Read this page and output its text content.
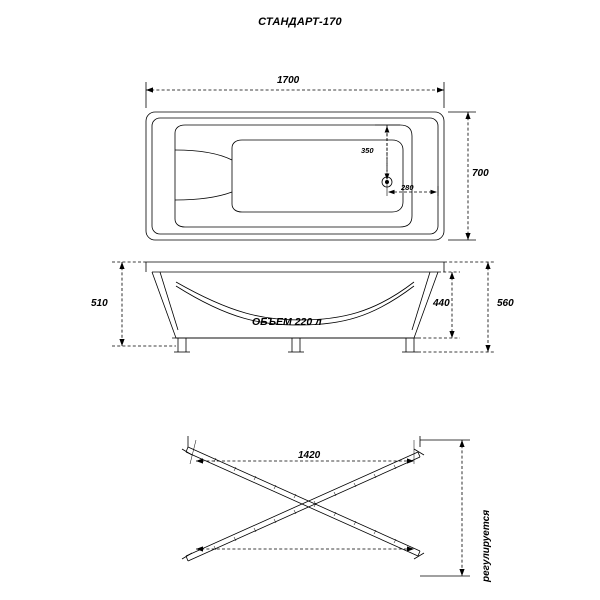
СТАНДАРТ-170
1700
700
350
280
510	440	560
ОБЪЕМ 220 л
1420
регулируется
